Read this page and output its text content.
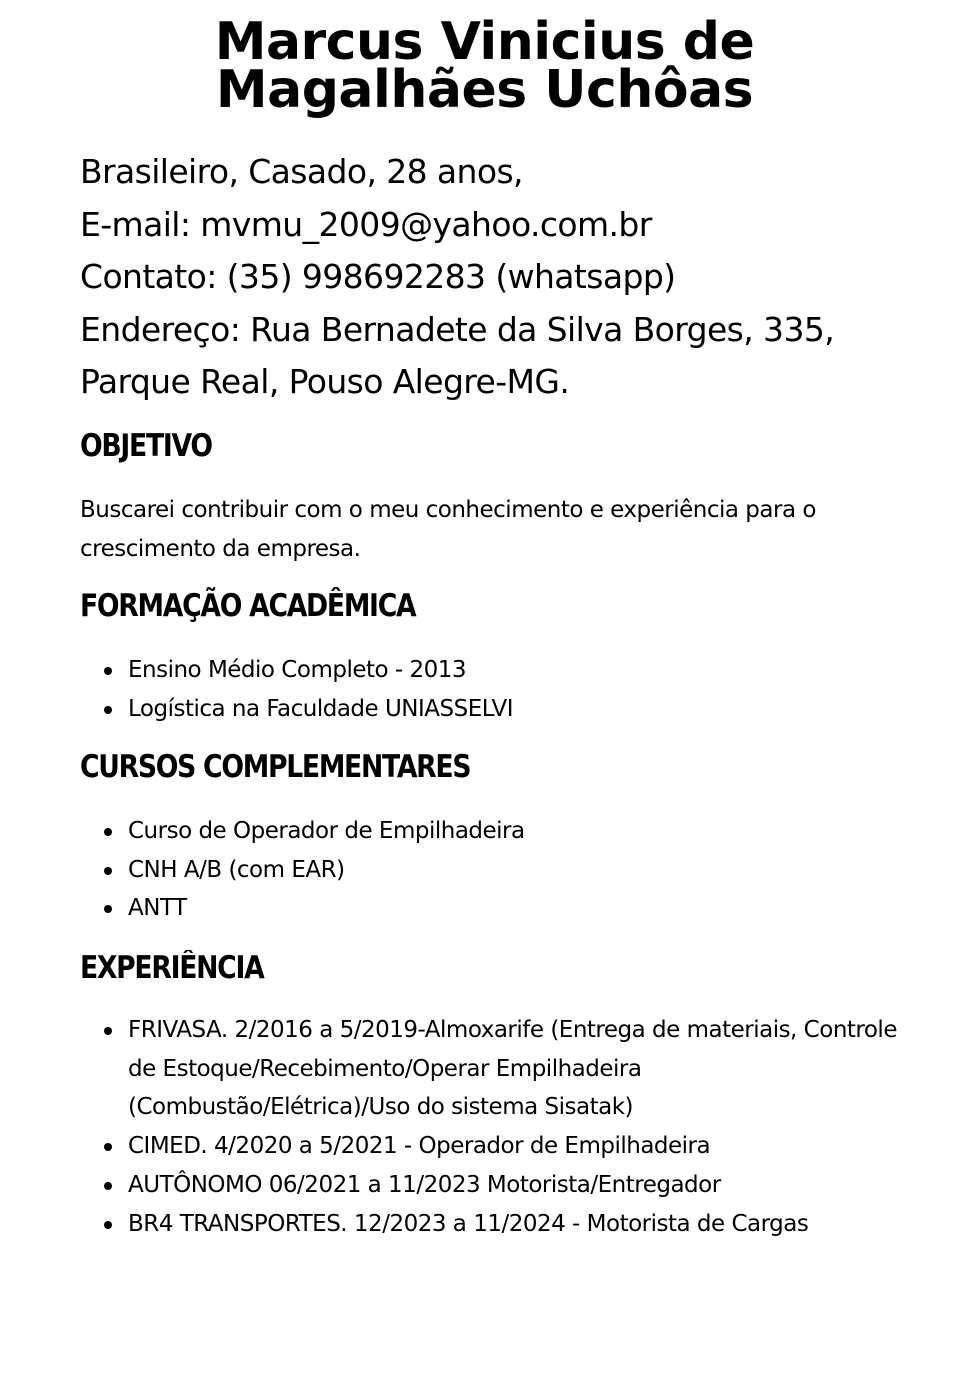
Marcus Vinicius de
Magalhães Uchôas
Brasileiro, Casado, 28 anos,
E-mail: mvmu_2009@yahoo.com.br
Contato: (35) 998692283 (whatsapp)
Endereço: Rua Bernadete da Silva Borges, 335,
Parque Real, Pouso Alegre-MG.
OBJETIVO

Buscarei contribuir com o meu conhecimento e experiência para o crescimento da empresa.

FORMAÇÃO ACADÊMICA
Ensino Médio Completo - 2013
Logística na Faculdade UNIASSELVI
CURSOS COMPLEMENTARES
Curso de Operador de Empilhadeira
CNH A/B (com EAR)
ANTT
EXPERIÊNCIA
FRIVASA. 2/2016 a 5/2019-Almoxarife (Entrega de materiais, Controle de Estoque/Recebimento/Operar Empilhadeira (Combustão/Elétrica)/Uso do sistema Sisatak)
CIMED. 4/2020 a 5/2021 - Operador de Empilhadeira
AUTÔNOMO 06/2021 a 11/2023 Motorista/Entregador
BR4 TRANSPORTES. 12/2023 a 11/2024 - Motorista de Cargas
